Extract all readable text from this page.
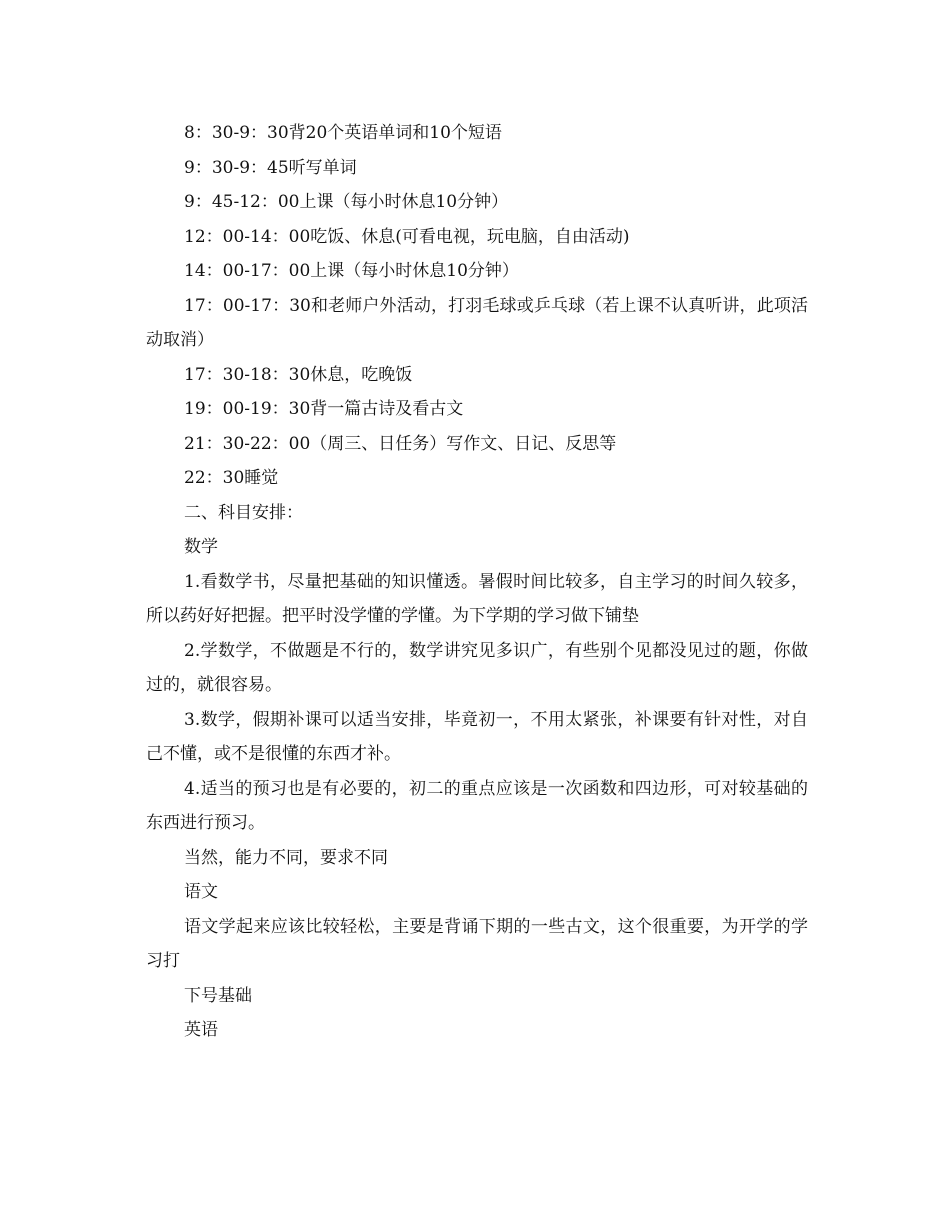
8：30-9：30背20个英语单词和10个短语

9：30-9：45听写单词

9：45-12：00上课（每小时休息10分钟）

12：00-14：00吃饭、休息(可看电视，玩电脑，自由活动)

14：00-17：00上课（每小时休息10分钟）

17：00-17：30和老师户外活动，打羽毛球或乒乓球（若上课不认真听讲，此项活动取消）

17：30-18：30休息，吃晚饭

19：00-19：30背一篇古诗及看古文

21：30-22：00（周三、日任务）写作文、日记、反思等

22：30睡觉

二、科目安排：

数学

1.看数学书，尽量把基础的知识懂透。暑假时间比较多，自主学习的时间久较多，所以药好好把握。把平时没学懂的学懂。为下学期的学习做下铺垫

2.学数学，不做题是不行的，数学讲究见多识广，有些别个见都没见过的题，你做过的，就很容易。

3.数学，假期补课可以适当安排，毕竟初一，不用太紧张，补课要有针对性，对自己不懂，或不是很懂的东西才补。

4.适当的预习也是有必要的，初二的重点应该是一次函数和四边形，可对较基础的东西进行预习。

当然，能力不同，要求不同

语文

语文学起来应该比较轻松，主要是背诵下期的一些古文，这个很重要，为开学的学习打

下号基础

英语
